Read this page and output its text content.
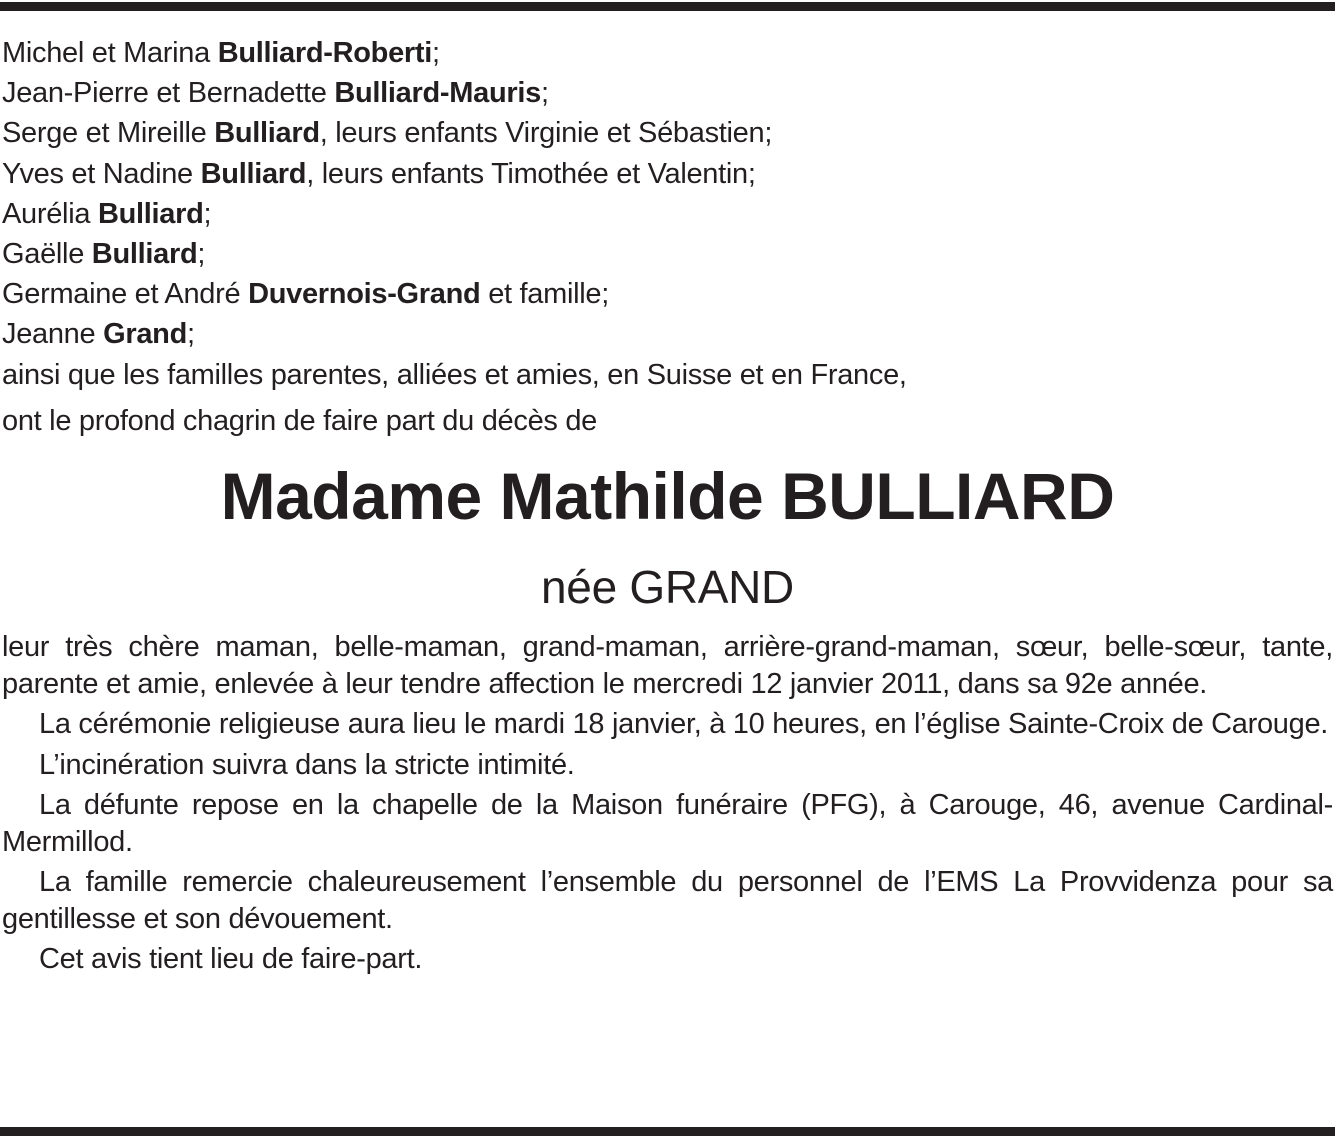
Michel et Marina Bulliard-Roberti;
Jean-Pierre et Bernadette Bulliard-Mauris;
Serge et Mireille Bulliard, leurs enfants Virginie et Sébastien;
Yves et Nadine Bulliard, leurs enfants Timothée et Valentin;
Aurélia Bulliard;
Gaëlle Bulliard;
Germaine et André Duvernois-Grand et famille;
Jeanne Grand;
ainsi que les familles parentes, alliées et amies, en Suisse et en France,
ont le profond chagrin de faire part du décès de
Madame Mathilde BULLIARD
née GRAND

leur très chère maman, belle-maman, grand-maman, arrière-grand-maman, sœur, belle-sœur, tante, parente et amie, enlevée à leur tendre affection le mercredi 12 janvier 2011, dans sa 92e année.

La cérémonie religieuse aura lieu le mardi 18 janvier, à 10 heures, en l’église Sainte-Croix de Carouge.

L’incinération suivra dans la stricte intimité.

La défunte repose en la chapelle de la Maison funéraire (PFG), à Carouge, 46, avenue Cardinal-Mermillod.

La famille remercie chaleureusement l’ensemble du personnel de l’EMS La Provvidenza pour sa gentillesse et son dévouement.

Cet avis tient lieu de faire-part.
